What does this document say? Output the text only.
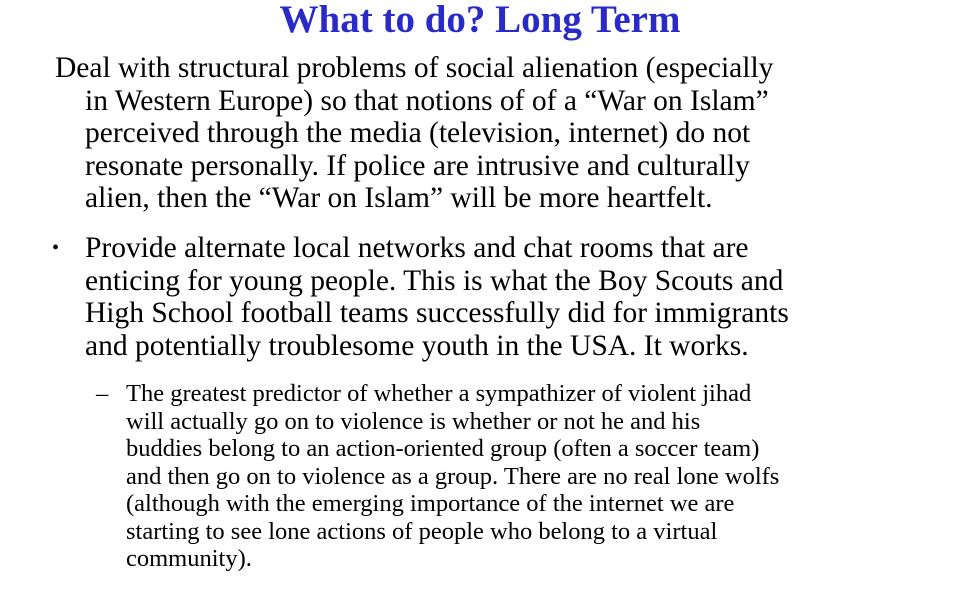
What to do? Long Term
Deal with structural problems of social alienation (especially
in Western Europe) so that notions of of a “War on Islam”
perceived through the media (television, internet) do not
resonate personally. If police are intrusive and culturally
alien, then the “War on Islam” will be more heartfelt.
• Provide alternate local networks and chat rooms that are
enticing for young people. This is what the Boy Scouts and
High School football teams successfully did for immigrants
and potentially troublesome youth in the USA. It works.
– The greatest predictor of whether a sympathizer of violent jihad
will actually go on to violence is whether or not he and his
buddies belong to an action-oriented group (often a soccer team)
and then go on to violence as a group. There are no real lone wolfs
(although with the emerging importance of the internet we are
starting to see lone actions of people who belong to a virtual
community).
